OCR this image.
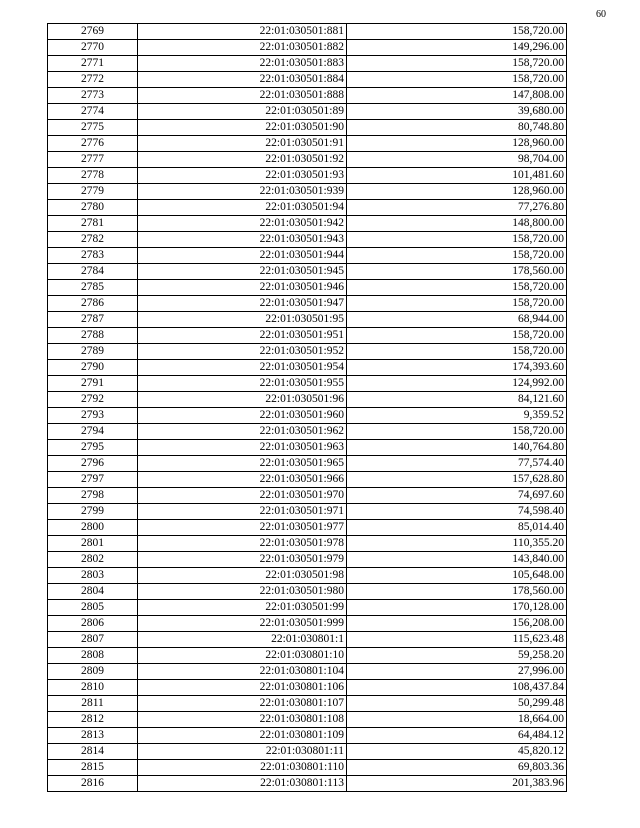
60
2769	22:01:030501:881	158,720.00
2770	22:01:030501:882	149,296.00
2771	22:01:030501:883	158,720.00
2772	22:01:030501:884	158,720.00
2773	22:01:030501:888	147,808.00
2774	22:01:030501:89	39,680.00
2775	22:01:030501:90	80,748.80
2776	22:01:030501:91	128,960.00
2777	22:01:030501:92	98,704.00
2778	22:01:030501:93	101,481.60
2779	22:01:030501:939	128,960.00
2780	22:01:030501:94	77,276.80
2781	22:01:030501:942	148,800.00
2782	22:01:030501:943	158,720.00
2783	22:01:030501:944	158,720.00
2784	22:01:030501:945	178,560.00
2785	22:01:030501:946	158,720.00
2786	22:01:030501:947	158,720.00
2787	22:01:030501:95	68,944.00
2788	22:01:030501:951	158,720.00
2789	22:01:030501:952	158,720.00
2790	22:01:030501:954	174,393.60
2791	22:01:030501:955	124,992.00
2792	22:01:030501:96	84,121.60
2793	22:01:030501:960	9,359.52
2794	22:01:030501:962	158,720.00
2795	22:01:030501:963	140,764.80
2796	22:01:030501:965	77,574.40
2797	22:01:030501:966	157,628.80
2798	22:01:030501:970	74,697.60
2799	22:01:030501:971	74,598.40
2800	22:01:030501:977	85,014.40
2801	22:01:030501:978	110,355.20
2802	22:01:030501:979	143,840.00
2803	22:01:030501:98	105,648.00
2804	22:01:030501:980	178,560.00
2805	22:01:030501:99	170,128.00
2806	22:01:030501:999	156,208.00
2807	22:01:030801:1	115,623.48
2808	22:01:030801:10	59,258.20
2809	22:01:030801:104	27,996.00
2810	22:01:030801:106	108,437.84
2811	22:01:030801:107	50,299.48
2812	22:01:030801:108	18,664.00
2813	22:01:030801:109	64,484.12
2814	22:01:030801:11	45,820.12
2815	22:01:030801:110	69,803.36
2816	22:01:030801:113	201,383.96
